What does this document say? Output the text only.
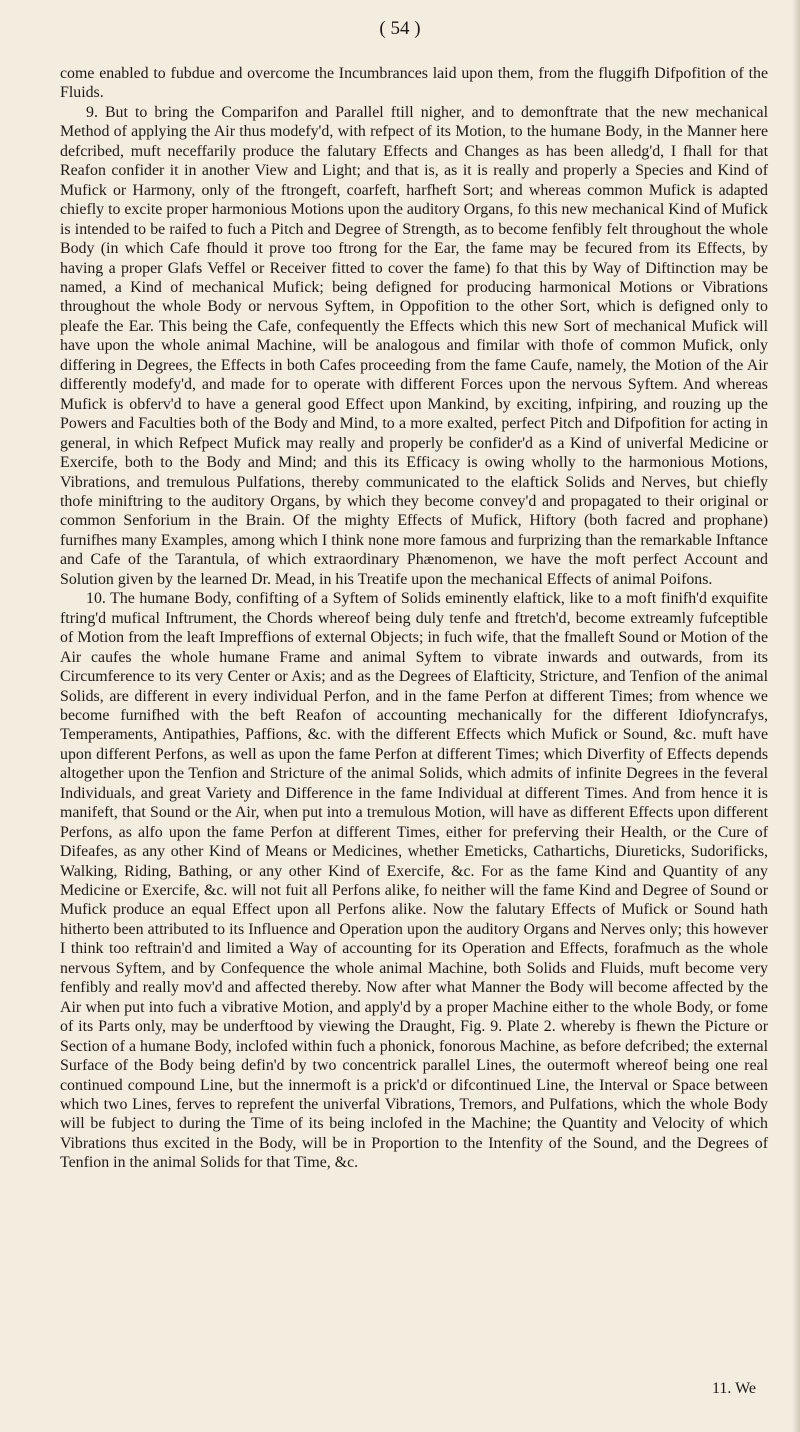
( 54 )

come enabled to fubdue and overcome the Incumbrances laid upon them, from the fluggifh Difpofition of the Fluids.

9. But to bring the Comparifon and Parallel ftill nigher, and to demonftrate that the new mechanical Method of applying the Air thus modefy'd, with refpect of its Motion, to the humane Body, in the Manner here defcribed, muft neceffarily produce the falutary Effects and Changes as has been alledg'd, I fhall for that Reafon confider it in another View and Light; and that is, as it is really and properly a Species and Kind of Mufick or Harmony, only of the ftrongeft, coarfeft, harfheft Sort; and whereas common Mufick is adapted chiefly to excite proper harmonious Motions upon the auditory Organs, fo this new mechanical Kind of Mufick is intended to be raifed to fuch a Pitch and Degree of Strength, as to become fenfibly felt throughout the whole Body (in which Cafe fhould it prove too ftrong for the Ear, the fame may be fecured from its Effects, by having a proper Glafs Veffel or Receiver fitted to cover the fame) fo that this by Way of Diftinction may be named, a Kind of mechanical Mufick; being defigned for producing harmonical Motions or Vibrations throughout the whole Body or nervous Syftem, in Oppofition to the other Sort, which is defigned only to pleafe the Ear. This being the Cafe, confequently the Effects which this new Sort of mechanical Mufick will have upon the whole animal Machine, will be analogous and fimilar with thofe of common Mufick, only differing in Degrees, the Effects in both Cafes proceeding from the fame Caufe, namely, the Motion of the Air differently modefy'd, and made for to operate with different Forces upon the nervous Syftem. And whereas Mufick is obferv'd to have a general good Effect upon Mankind, by exciting, infpiring, and rouzing up the Powers and Faculties both of the Body and Mind, to a more exalted, perfect Pitch and Difpofition for acting in general, in which Refpect Mufick may really and properly be confider'd as a Kind of univerfal Medicine or Exercife, both to the Body and Mind; and this its Efficacy is owing wholly to the harmonious Motions, Vibrations, and tremulous Pulfations, thereby communicated to the elaftick Solids and Nerves, but chiefly thofe miniftring to the auditory Organs, by which they become convey'd and propagated to their original or common Senforium in the Brain. Of the mighty Effects of Mufick, Hiftory (both facred and prophane) furnifhes many Examples, among which I think none more famous and furprizing than the remarkable Inftance and Cafe of the Tarantula, of which extraordinary Phænomenon, we have the moft perfect Account and Solution given by the learned Dr. Mead, in his Treatife upon the mechanical Effects of animal Poifons.

10. The humane Body, confifting of a Syftem of Solids eminently elaftick, like to a moft finifh'd exquifite ftring'd mufical Inftrument, the Chords whereof being duly tenfe and ftretch'd, become extreamly fufceptible of Motion from the leaft Impreffions of external Objects; in fuch wife, that the fmalleft Sound or Motion of the Air caufes the whole humane Frame and animal Syftem to vibrate inwards and outwards, from its Circumference to its very Center or Axis; and as the Degrees of Elafticity, Stricture, and Tenfion of the animal Solids, are different in every individual Perfon, and in the fame Perfon at different Times; from whence we become furnifhed with the beft Reafon of accounting mechanically for the different Idiofyncrafys, Temperaments, Antipathies, Paffions, &c. with the different Effects which Mufick or Sound, &c. muft have upon different Perfons, as well as upon the fame Perfon at different Times; which Diverfity of Effects depends altogether upon the Tenfion and Stricture of the animal Solids, which admits of infinite Degrees in the feveral Individuals, and great Variety and Difference in the fame Individual at different Times. And from hence it is manifeft, that Sound or the Air, when put into a tremulous Motion, will have as different Effects upon different Perfons, as alfo upon the fame Perfon at different Times, either for preferving their Health, or the Cure of Difeafes, as any other Kind of Means or Medicines, whether Emeticks, Cathartichs, Diureticks, Sudorificks, Walking, Riding, Bathing, or any other Kind of Exercife, &c. For as the fame Kind and Quantity of any Medicine or Exercife, &c. will not fuit all Perfons alike, fo neither will the fame Kind and Degree of Sound or Mufick produce an equal Effect upon all Perfons alike. Now the falutary Effects of Mufick or Sound hath hitherto been attributed to its Influence and Operation upon the auditory Organs and Nerves only; this however I think too reftrain'd and limited a Way of accounting for its Operation and Effects, forafmuch as the whole nervous Syftem, and by Confequence the whole animal Machine, both Solids and Fluids, muft become very fenfibly and really mov'd and affected thereby. Now after what Manner the Body will become affected by the Air when put into fuch a vibrative Motion, and apply'd by a proper Machine either to the whole Body, or fome of its Parts only, may be underftood by viewing the Draught, Fig. 9. Plate 2. whereby is fhewn the Picture or Section of a humane Body, inclofed within fuch a phonick, fonorous Machine, as before defcribed; the external Surface of the Body being defin'd by two concentrick parallel Lines, the outermoft whereof being one real continued compound Line, but the innermoft is a prick'd or difcontinued Line, the Interval or Space between which two Lines, ferves to reprefent the univerfal Vibrations, Tremors, and Pulfations, which the whole Body will be fubject to during the Time of its being inclofed in the Machine; the Quantity and Velocity of which Vibrations thus excited in the Body, will be in Proportion to the Intenfity of the Sound, and the Degrees of Tenfion in the animal Solids for that Time, &c.

11. We
